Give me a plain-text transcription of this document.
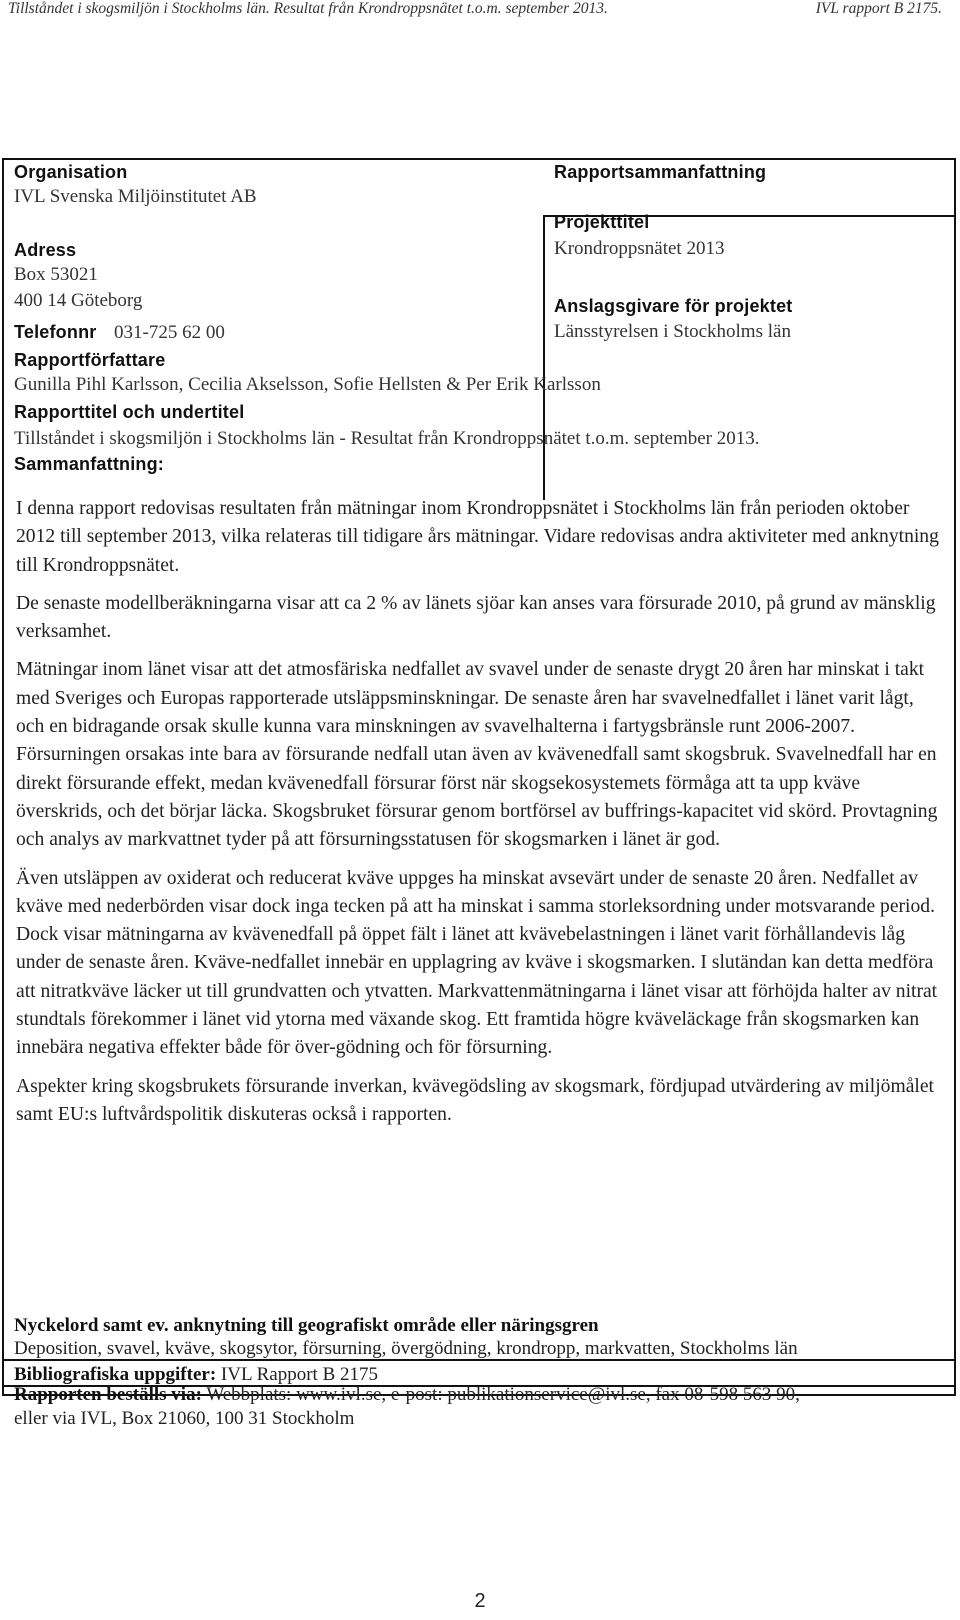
Tillståndet i skogsmiljön i Stockholms län. Resultat från Krondroppsnätet t.o.m. september 2013.	IVL rapport B 2175.
Organisation
IVL Svenska Miljöinstitutet AB
Adress
Box 53021
400 14 Göteborg
Telefonnr 031-725 62 00
Rapportsammanfattning
Projekttitel
Krondroppsnätet 2013
Anslagsgivare för projektet
Länsstyrelsen i Stockholms län
Rapportförfattare
Gunilla Pihl Karlsson, Cecilia Akselsson, Sofie Hellsten & Per Erik Karlsson
Rapporttitel och undertitel
Tillståndet i skogsmiljön i Stockholms län - Resultat från Krondroppsnätet t.o.m. september 2013.
Sammanfattning:

I denna rapport redovisas resultaten från mätningar inom Krondroppsnätet i Stockholms län från perioden oktober 2012 till september 2013, vilka relateras till tidigare års mätningar. Vidare redovisas andra aktiviteter med anknytning till Krondroppsnätet.

De senaste modellberäkningarna visar att ca 2 % av länets sjöar kan anses vara försurade 2010, på grund av mänsklig verksamhet.

Mätningar inom länet visar att det atmosfäriska nedfallet av svavel under de senaste drygt 20 åren har minskat i takt med Sveriges och Europas rapporterade utsläppsminskningar. De senaste åren har svavelnedfallet i länet varit lågt, och en bidragande orsak skulle kunna vara minskningen av svavelhalterna i fartygsbränsle runt 2006-2007. Försurningen orsakas inte bara av försurande nedfall utan även av kvävenedfall samt skogsbruk. Svavelnedfall har en direkt försurande effekt, medan kvävenedfall försurar först när skogsekosystemets förmåga att ta upp kväve överskrids, och det börjar läcka. Skogsbruket försurar genom bortförsel av buffrings-kapacitet vid skörd. Provtagning och analys av markvattnet tyder på att försurningsstatusen för skogsmarken i länet är god.

Även utsläppen av oxiderat och reducerat kväve uppges ha minskat avsevärt under de senaste 20 åren. Nedfallet av kväve med nederbörden visar dock inga tecken på att ha minskat i samma storleksordning under motsvarande period. Dock visar mätningarna av kvävenedfall på öppet fält i länet att kvävebelastningen i länet varit förhållandevis låg under de senaste åren. Kväve-nedfallet innebär en upplagring av kväve i skogsmarken. I slutändan kan detta medföra att nitratkväve läcker ut till grundvatten och ytvatten. Markvattenmätningarna i länet visar att förhöjda halter av nitrat stundtals förekommer i länet vid ytorna med växande skog. Ett framtida högre kväveläckage från skogsmarken kan innebära negativa effekter både för över-gödning och för försurning.

Aspekter kring skogsbrukets försurande inverkan, kvävegödsling av skogsmark, fördjupad utvärdering av miljömålet samt EU:s luftvårdspolitik diskuteras också i rapporten.

Nyckelord samt ev. anknytning till geografiskt område eller näringsgren
Deposition, svavel, kväve, skogsytor, försurning, övergödning, krondropp, markvatten, Stockholms län
Bibliografiska uppgifter: IVL Rapport B 2175
Rapporten beställs via: Webbplats: www.ivl.se, e-post: publikationservice@ivl.se, fax 08-598 563 90,
eller via IVL, Box 21060, 100 31 Stockholm
2
